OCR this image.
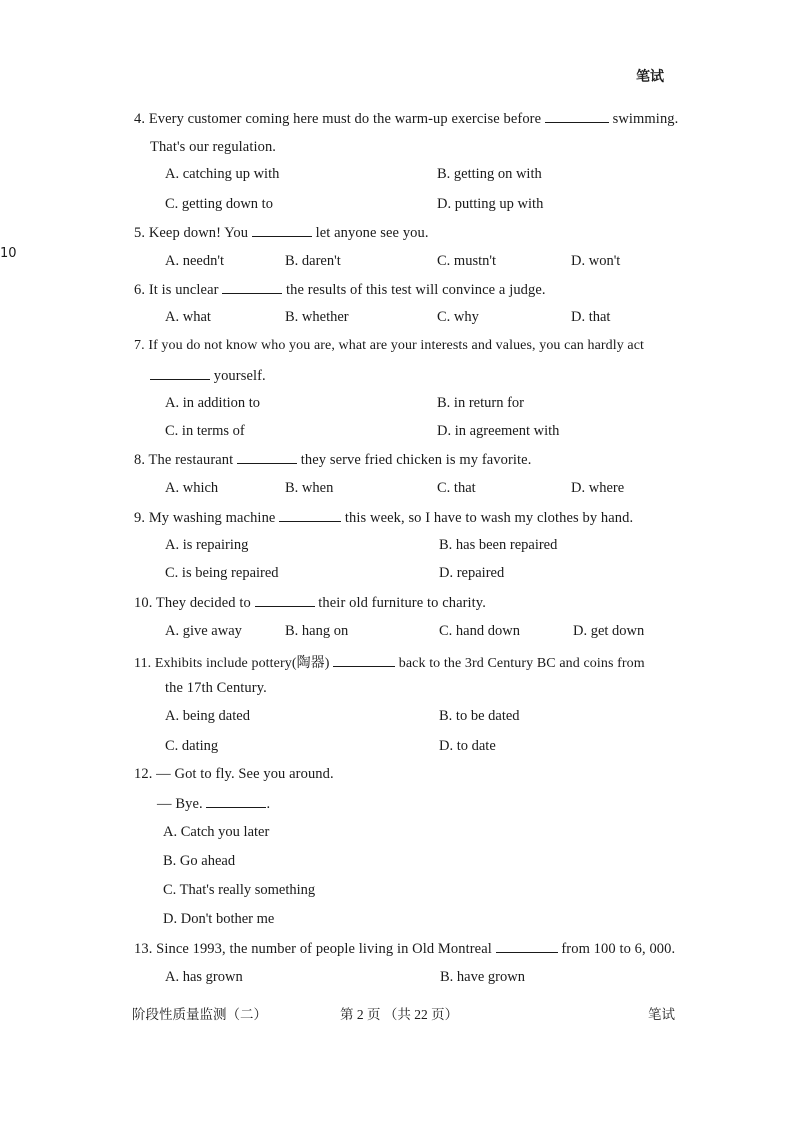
笔试
10
4. Every customer coming here must do the warm-up exercise before	swimming.
That's our regulation.
A. catching up with	B. getting on with
C. getting down to	D. putting up with
5. Keep down! You	let anyone see you.
A. needn't	B. daren't	C. mustn't	D. won't
6. It is unclear	the results of this test will convince a judge.
A. what	B. whether	C. why	D. that
7. If you do not know who you are, what are your interests and values, you can hardly act
yourself.
A. in addition to	B. in return for
C. in terms of	D. in agreement with
8. The restaurant	they serve fried chicken is my favorite.
A. which	B. when	C. that	D. where
9. My washing machine	this week, so I have to wash my clothes by hand.
A. is repairing	B. has been repaired
C. is being repaired	D. repaired
10. They decided to	their old furniture to charity.
A. give away	B. hang on	C. hand down	D. get down
11. Exhibits include pottery(陶器)	back to the 3rd Century BC and coins from
the 17th Century.
A. being dated	B. to be dated
C. dating	D. to date
12. — Got to fly. See you around.
— Bye.	.
A. Catch you later
B. Go ahead
C. That's really something
D. Don't bother me
13. Since 1993, the number of people living in Old Montreal	from 100 to 6, 000.
A. has grown	B. have grown
阶段性质量监测（二）	第 2 页 （共 22 页）	笔试
